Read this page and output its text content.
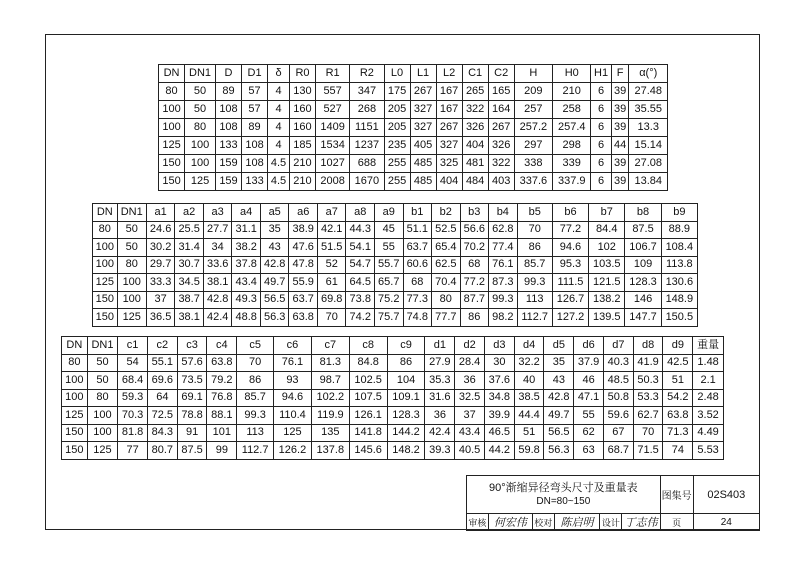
DN	DN1	D	D1	δ	R0	R1	R2	L0	L1	L2	C1	C2	H	H0	H1	F	α(°)
80	50	89	57	4	130	557	347	175	267	167	265	165	209	210	6	39	27.48
100	50	108	57	4	160	527	268	205	327	167	322	164	257	258	6	39	35.55
100	80	108	89	4	160	1409	1151	205	327	267	326	267	257.2	257.4	6	39	13.3
125	100	133	108	4	185	1534	1237	235	405	327	404	326	297	298	6	44	15.14
150	100	159	108	4.5	210	1027	688	255	485	325	481	322	338	339	6	39	27.08
150	125	159	133	4.5	210	2008	1670	255	485	404	484	403	337.6	337.9	6	39	13.84
DN	DN1	a1	a2	a3	a4	a5	a6	a7	a8	a9	b1	b2	b3	b4	b5	b6	b7	b8	b9
80	50	24.6	25.5	27.7	31.1	35	38.9	42.1	44.3	45	51.1	52.5	56.6	62.8	70	77.2	84.4	87.5	88.9
100	50	30.2	31.4	34	38.2	43	47.6	51.5	54.1	55	63.7	65.4	70.2	77.4	86	94.6	102	106.7	108.4
100	80	29.7	30.7	33.6	37.8	42.8	47.8	52	54.7	55.7	60.6	62.5	68	76.1	85.7	95.3	103.5	109	113.8
125	100	33.3	34.5	38.1	43.4	49.7	55.9	61	64.5	65.7	68	70.4	77.2	87.3	99.3	111.5	121.5	128.3	130.6
150	100	37	38.7	42.8	49.3	56.5	63.7	69.8	73.8	75.2	77.3	80	87.7	99.3	113	126.7	138.2	146	148.9
150	125	36.5	38.1	42.4	48.8	56.3	63.8	70	74.2	75.7	74.8	77.7	86	98.2	112.7	127.2	139.5	147.7	150.5
DN	DN1	c1	c2	c3	c4	c5	c6	c7	c8	c9	d1	d2	d3	d4	d5	d6	d7	d8	d9	重量
80	50	54	55.1	57.6	63.8	70	76.1	81.3	84.8	86	27.9	28.4	30	32.2	35	37.9	40.3	41.9	42.5	1.48
100	50	68.4	69.6	73.5	79.2	86	93	98.7	102.5	104	35.3	36	37.6	40	43	46	48.5	50.3	51	2.1
100	80	59.3	64	69.1	76.8	85.7	94.6	102.2	107.5	109.1	31.6	32.5	34.8	38.5	42.8	47.1	50.8	53.3	54.2	2.48
125	100	70.3	72.5	78.8	88.1	99.3	110.4	119.9	126.1	128.3	36	37	39.9	44.4	49.7	55	59.6	62.7	63.8	3.52
150	100	81.8	84.3	91	101	113	125	135	141.8	144.2	42.4	43.4	46.5	51	56.5	62	67	70	71.3	4.49
150	125	77	80.7	87.5	99	112.7	126.2	137.8	145.6	148.2	39.3	40.5	44.2	59.8	56.3	63	68.7	71.5	74	5.53
90°渐缩异径弯头尺寸及重量表
DN=80~150						图集号	02S403
审核	何宏伟	校对	陈启明	设计	丁志伟	页	24
